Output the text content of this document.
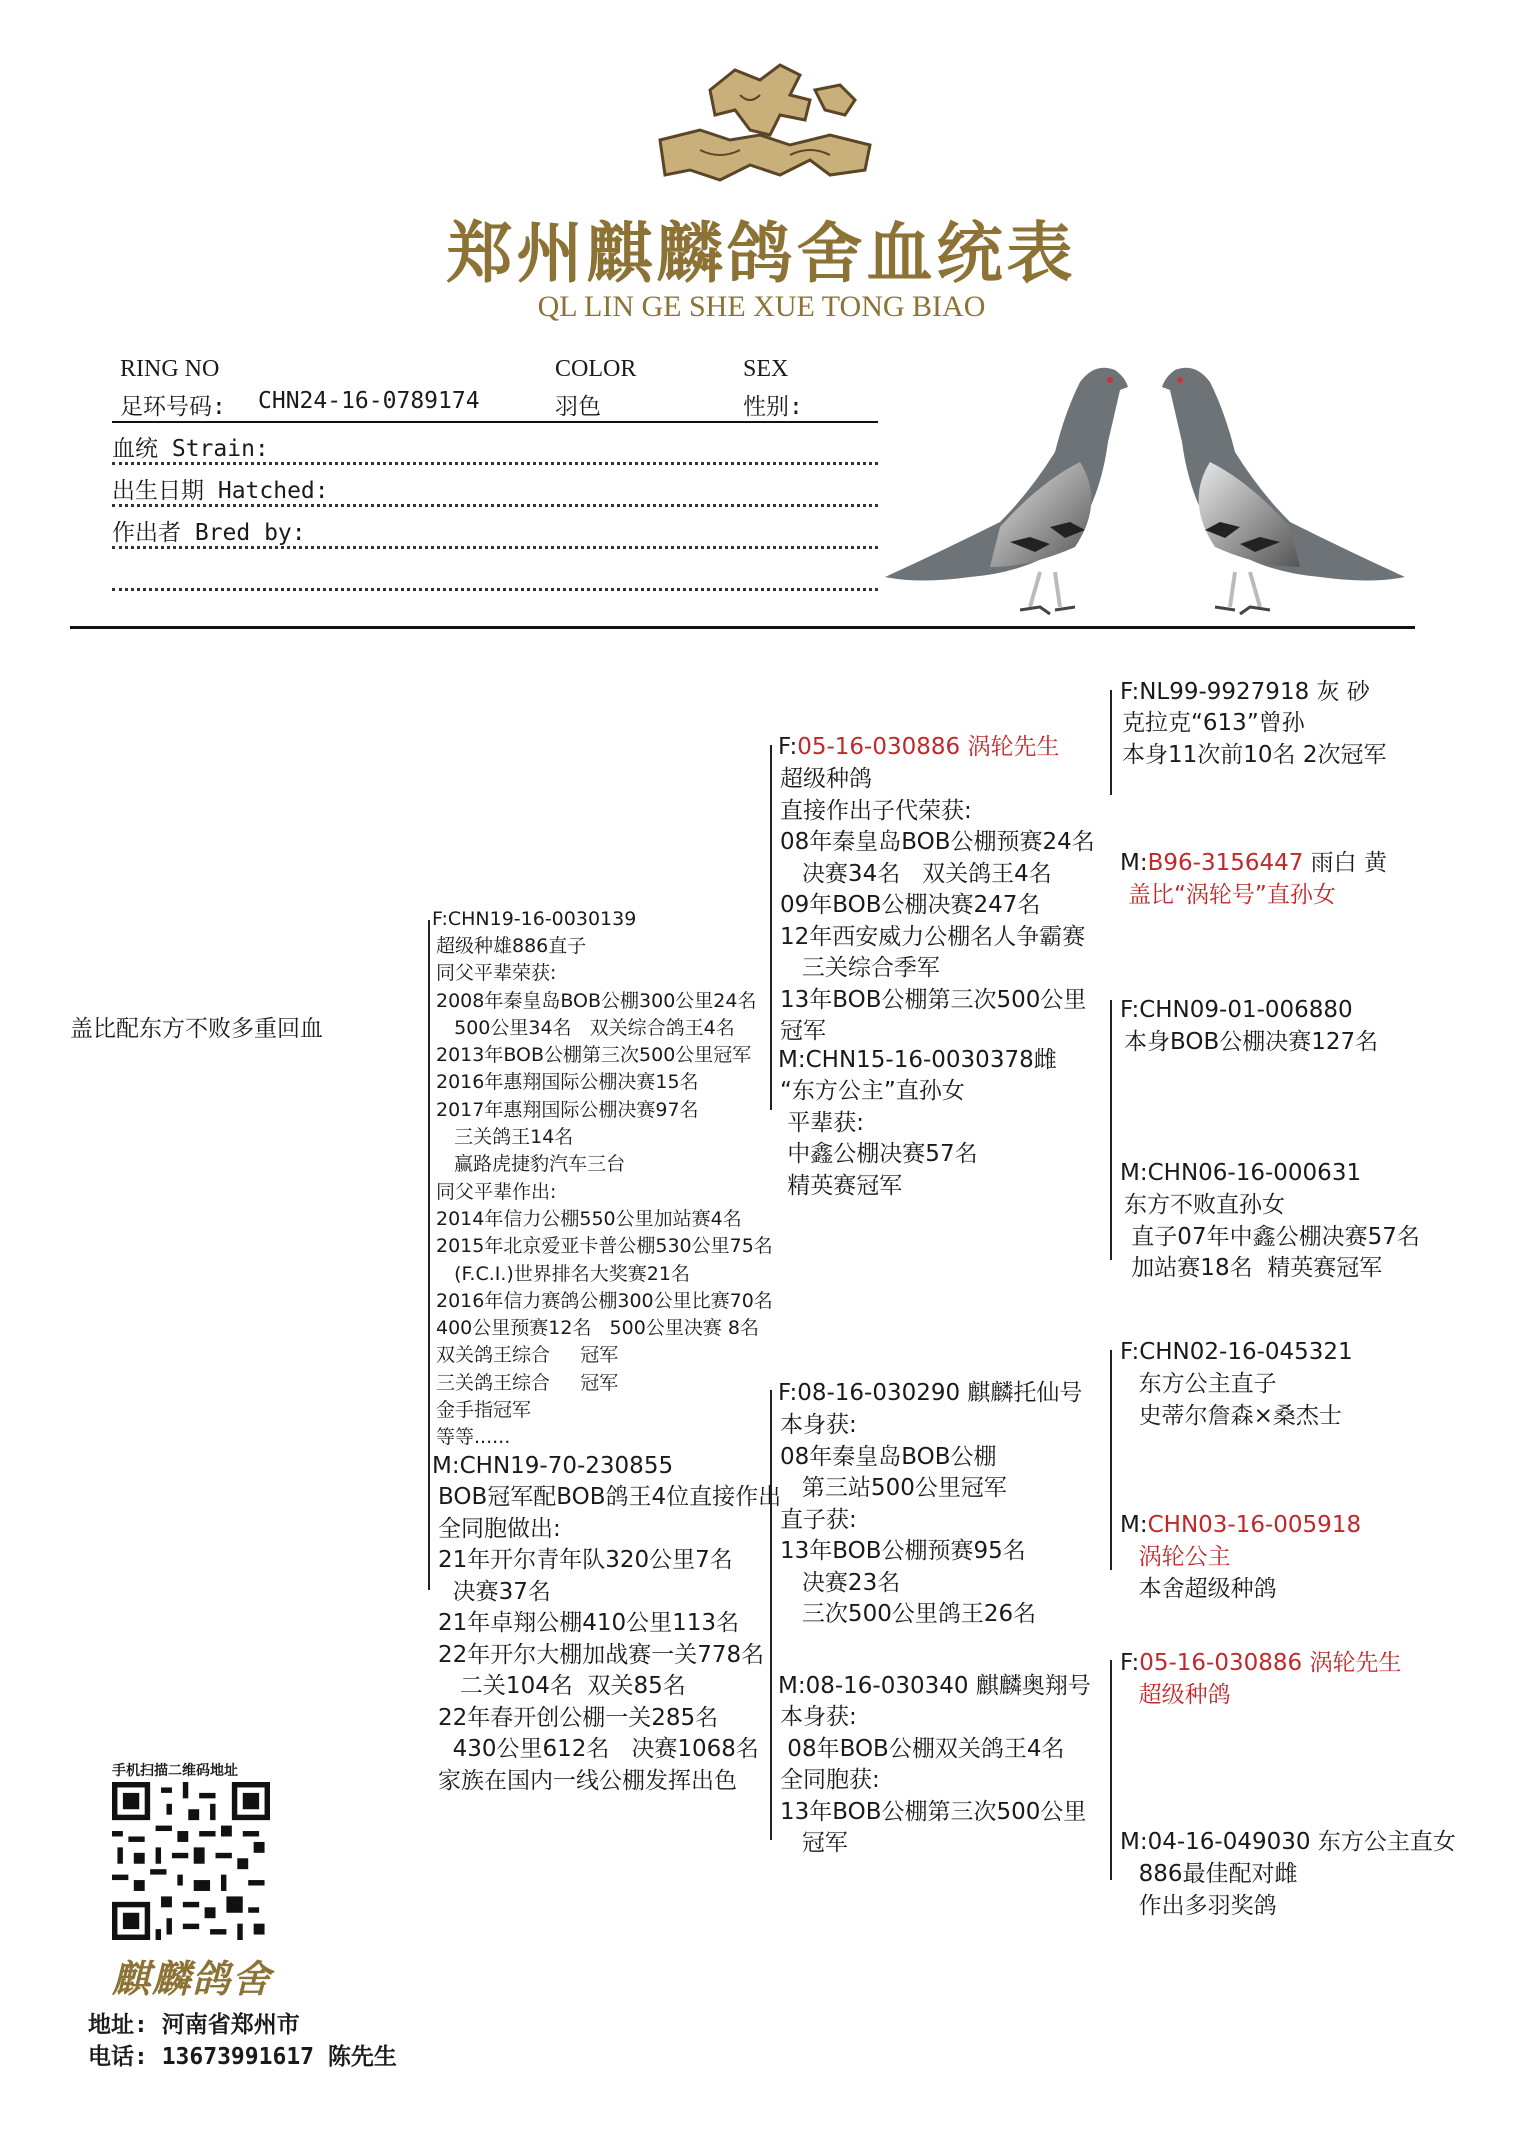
郑州麒麟鸽舍血统表
QL LIN GE SHE XUE TONG BIAO
RING NO	COLOR	SEX
足环号码: CHN24-16-0789174	羽色	性别:
血统 Strain:
出生日期 Hatched:
作出者 Bred by:
盖比配东方不败多重回血
F:CHN19-16-0030139
超级种雄886直子
同父平辈荣获:
2008年秦皇岛BOB公棚300公里24名
500公里34名   双关综合鸽王4名
2013年BOB公棚第三次500公里冠军
2016年惠翔国际公棚决赛15名
2017年惠翔国际公棚决赛97名
三关鸽王14名
赢路虎捷豹汽车三台
同父平辈作出:
2014年信力公棚550公里加站赛4名
2015年北京爱亚卡普公棚530公里75名
(F.C.I.)世界排名大奖赛21名
2016年信力赛鸽公棚300公里比赛70名
400公里预赛12名   500公里决赛 8名
双关鸽王综合     冠军
三关鸽王综合     冠军
金手指冠军
等等......
M:CHN19-70-230855
BOB冠军配BOB鸽王4位直接作出
全同胞做出:
21年开尔青年队320公里7名
决赛37名
21年卓翔公棚410公里113名
22年开尔大棚加战赛一关778名
二关104名  双关85名
22年春开创公棚一关285名
430公里612名   决赛1068名
家族在国内一线公棚发挥出色
F:05-16-030886 涡轮先生
超级种鸽
直接作出子代荣获:
08年秦皇岛BOB公棚预赛24名
决赛34名   双关鸽王4名
09年BOB公棚决赛247名
12年西安威力公棚名人争霸赛
三关综合季军
13年BOB公棚第三次500公里
冠军
M:CHN15-16-0030378雌
“东方公主”直孙女
平辈获:
中鑫公棚决赛57名
精英赛冠军
F:08-16-030290 麒麟托仙号
本身获:
08年秦皇岛BOB公棚
第三站500公里冠军
直子获:
13年BOB公棚预赛95名
决赛23名
三次500公里鸽王26名
M:08-16-030340 麒麟奥翔号
本身获:
08年BOB公棚双关鸽王4名
全同胞获:
13年BOB公棚第三次500公里
冠军
F:NL99-9927918 灰 砂
克拉克“613”曾孙
本身11次前10名 2次冠军
M:B96-3156447 雨白 黄
盖比“涡轮号”直孙女
F:CHN09-01-006880
本身BOB公棚决赛127名
M:CHN06-16-000631
东方不败直孙女
直子07年中鑫公棚决赛57名
加站赛18名  精英赛冠军
F:CHN02-16-045321
东方公主直子
史蒂尔詹森×桑杰士
M:CHN03-16-005918
涡轮公主
本舍超级种鸽
F:05-16-030886 涡轮先生
超级种鸽
M:04-16-049030 东方公主直女
886最佳配对雌
作出多羽奖鸽
手机扫描二维码地址
麒麟鸽舍
地址: 河南省郑州市
电话: 13673991617 陈先生
